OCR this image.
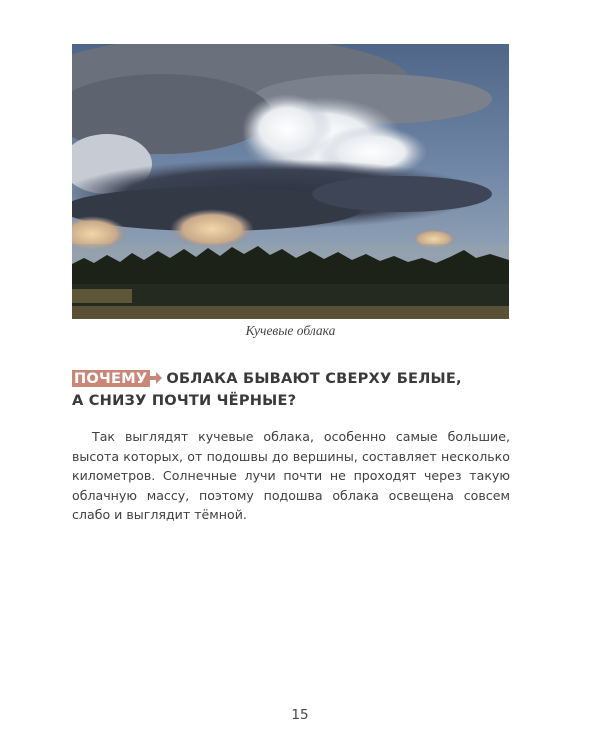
Кучевые облака
ПОЧЕМУ ОБЛАКА БЫВАЮТ СВЕРХУ БЕЛЫЕ,
А СНИЗУ ПОЧТИ ЧЁРНЫЕ?

Так выглядят кучевые облака, особенно самые большие, высота которых, от подошвы до вершины, составляет несколько километров. Солнечные лучи почти не проходят через такую облачную массу, поэтому подошва облака освещена совсем слабо и выглядит тёмной.

15
